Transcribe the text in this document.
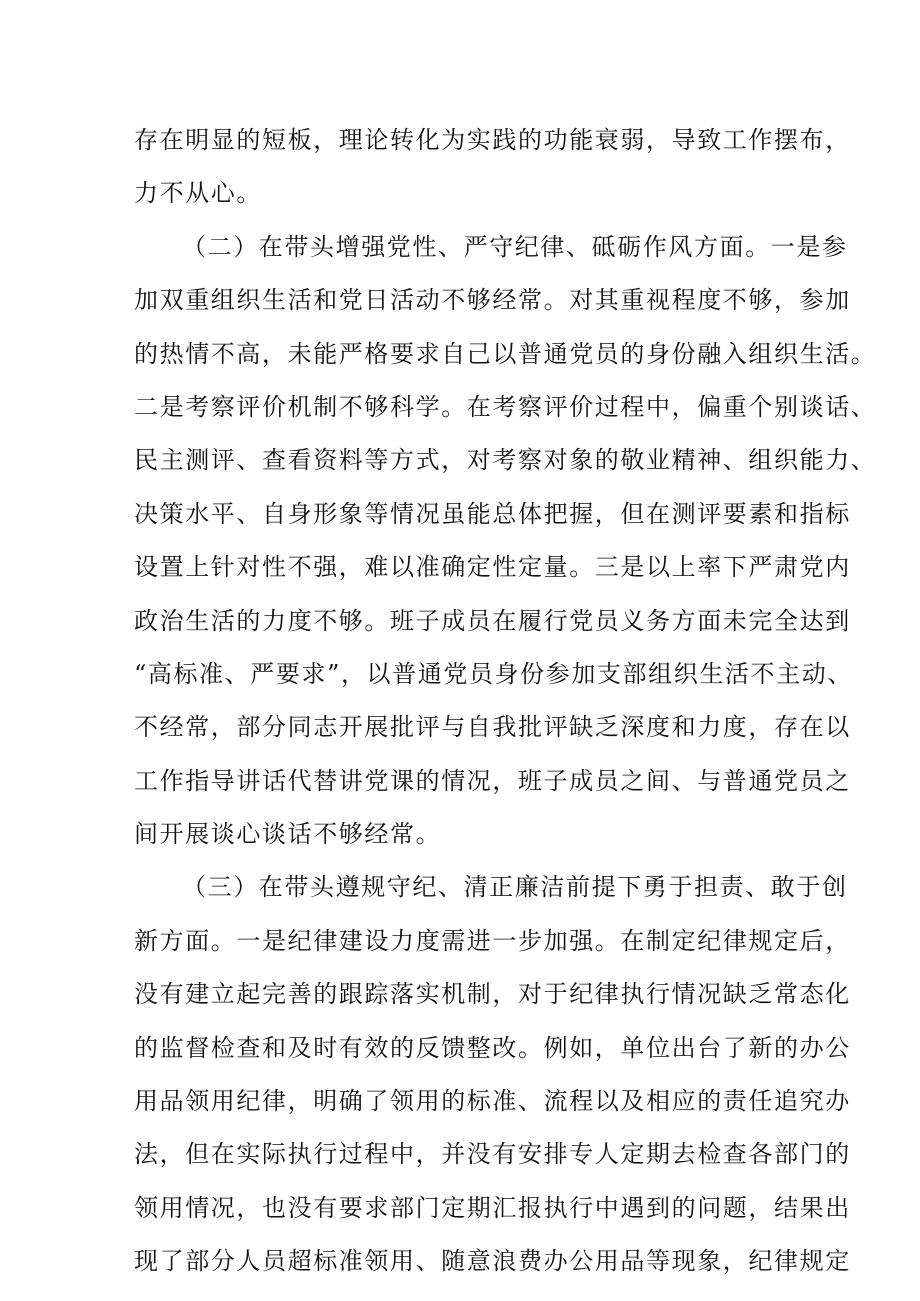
存在明显的短板，理论转化为实践的功能衰弱，导致工作摆布，
力不从心。
（二）在带头增强党性、严守纪律、砥砺作风方面。一是参
加双重组织生活和党日活动不够经常。对其重视程度不够，参加
的热情不高，未能严格要求自己以普通党员的身份融入组织生活。
二是考察评价机制不够科学。在考察评价过程中，偏重个别谈话、
民主测评、查看资料等方式，对考察对象的敬业精神、组织能力、
决策水平、自身形象等情况虽能总体把握，但在测评要素和指标
设置上针对性不强，难以准确定性定量。三是以上率下严肃党内
政治生活的力度不够。班子成员在履行党员义务方面未完全达到
“高标准、严要求”，以普通党员身份参加支部组织生活不主动、
不经常，部分同志开展批评与自我批评缺乏深度和力度，存在以
工作指导讲话代替讲党课的情况，班子成员之间、与普通党员之
间开展谈心谈话不够经常。
（三）在带头遵规守纪、清正廉洁前提下勇于担责、敢于创
新方面。一是纪律建设力度需进一步加强。在制定纪律规定后，
没有建立起完善的跟踪落实机制，对于纪律执行情况缺乏常态化
的监督检查和及时有效的反馈整改。例如，单位出台了新的办公
用品领用纪律，明确了领用的标准、流程以及相应的责任追究办
法，但在实际执行过程中，并没有安排专人定期去检查各部门的
领用情况，也没有要求部门定期汇报执行中遇到的问题，结果出
现了部分人员超标准领用、随意浪费办公用品等现象，纪律规定
